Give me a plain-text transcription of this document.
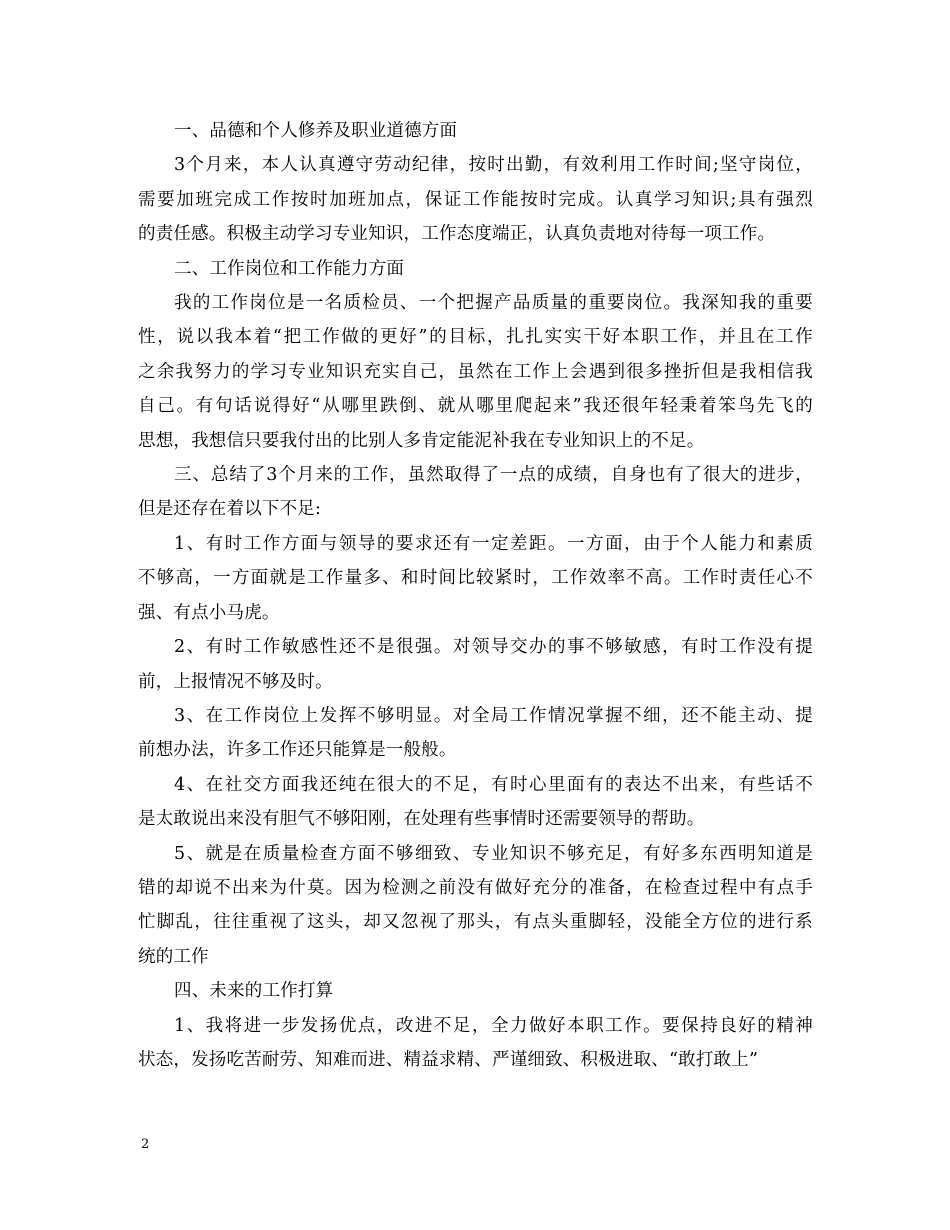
一、品德和个人修养及职业道德方面

3个月来，本人认真遵守劳动纪律，按时出勤，有效利用工作时间;坚守岗位，
需要加班完成工作按时加班加点，保证工作能按时完成。认真学习知识;具有强烈
的责任感。积极主动学习专业知识，工作态度端正，认真负责地对待每一项工作。

二、工作岗位和工作能力方面

我的工作岗位是一名质检员、一个把握产品质量的重要岗位。我深知我的重要
性，说以我本着“把工作做的更好”的目标，扎扎实实干好本职工作，并且在工作
之余我努力的学习专业知识充实自己，虽然在工作上会遇到很多挫折但是我相信我
自己。有句话说得好“从哪里跌倒、就从哪里爬起来”我还很年轻秉着笨鸟先飞的
思想，我想信只要我付出的比别人多肯定能泥补我在专业知识上的不足。

三、总结了3个月来的工作，虽然取得了一点的成绩，自身也有了很大的进步，
但是还存在着以下不足:

1、有时工作方面与领导的要求还有一定差距。一方面，由于个人能力和素质
不够高，一方面就是工作量多、和时间比较紧时，工作效率不高。工作时责任心不
强、有点小马虎。

2、有时工作敏感性还不是很强。对领导交办的事不够敏感，有时工作没有提
前，上报情况不够及时。

3、在工作岗位上发挥不够明显。对全局工作情况掌握不细，还不能主动、提
前想办法，许多工作还只能算是一般般。

4、在社交方面我还纯在很大的不足，有时心里面有的表达不出来，有些话不
是太敢说出来没有胆气不够阳刚，在处理有些事情时还需要领导的帮助。

5、就是在质量检查方面不够细致、专业知识不够充足，有好多东西明知道是
错的却说不出来为什莫。因为检测之前没有做好充分的准备，在检查过程中有点手
忙脚乱，往往重视了这头，却又忽视了那头，有点头重脚轻，没能全方位的进行系
统的工作

四、未来的工作打算

1、我将进一步发扬优点，改进不足，全力做好本职工作。要保持良好的精神
状态，发扬吃苦耐劳、知难而进、精益求精、严谨细致、积极进取、“敢打敢上”

2
